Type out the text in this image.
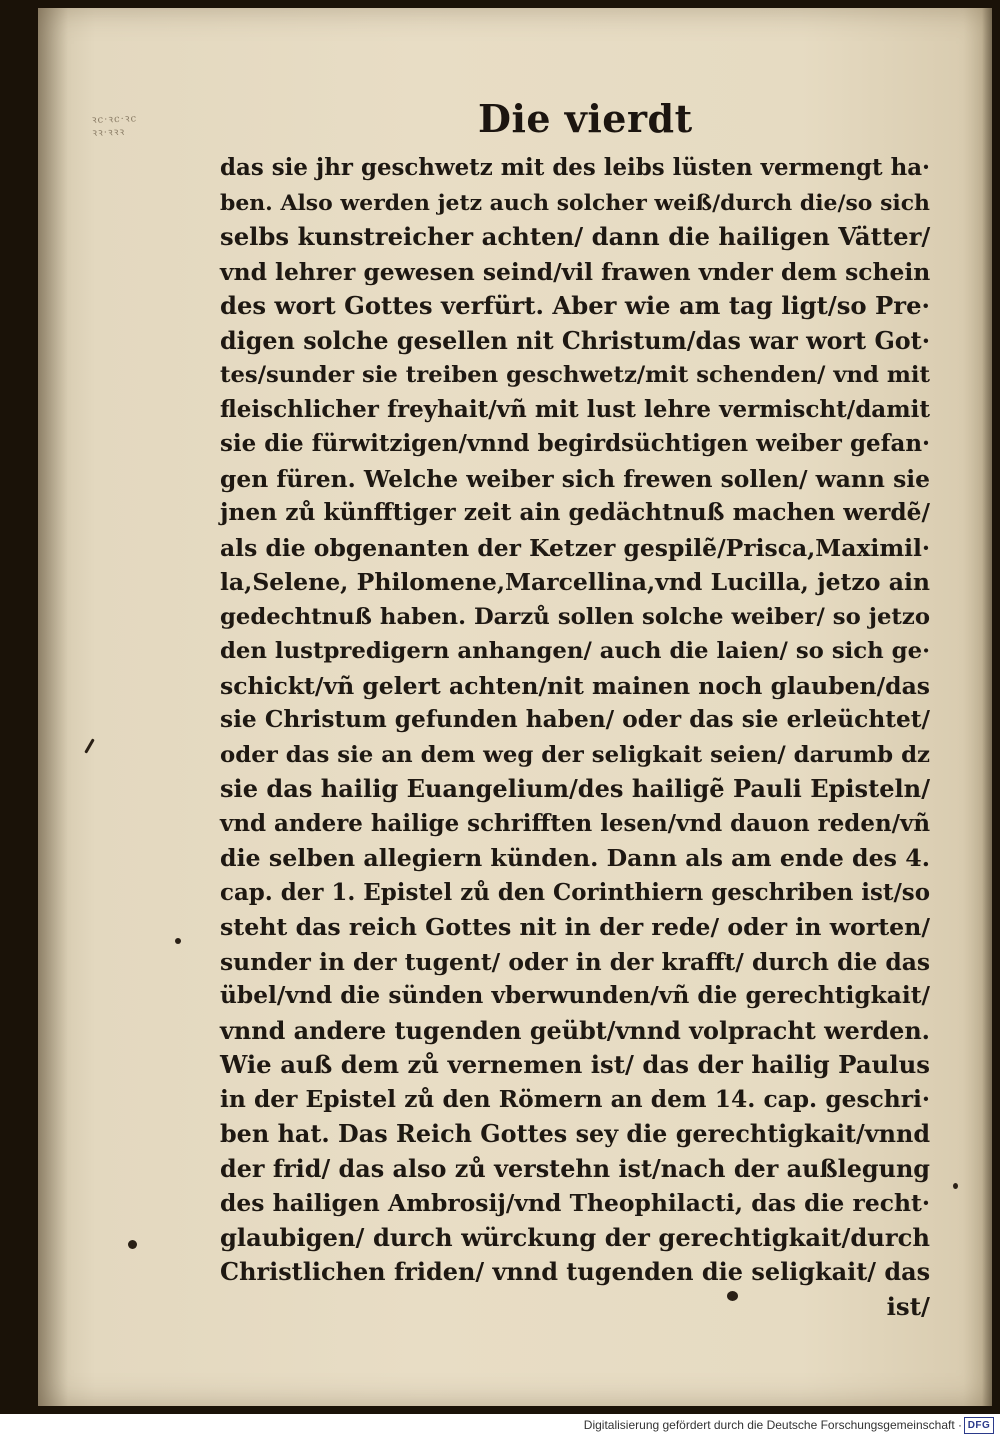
ꝛc·ꝛc·ꝛc
ꝛꝛ·ꝛꝛꝛ	Die vierdt
das sie jhr geschwetz mit des leibs lüsten vermengt ha·
ben. Also werden jetz auch solcher weiß/durch die/so sich
selbs kunstreicher achten/ dann die hailigen Vätter/
vnd lehrer gewesen seind/vil frawen vnder dem schein
des wort Gottes verfürt. Aber wie am tag ligt/so Pre·
digen solche gesellen nit Christum/das war wort Got·
tes/sunder sie treiben geschwetz/mit schenden/ vnd mit
fleischlicher freyhait/vñ mit lust lehre vermischt/damit
sie die fürwitzigen/vnnd begirdsüchtigen weiber gefan·
gen füren. Welche weiber sich frewen sollen/ wann sie
jnen zů künfftiger zeit ain gedächtnuß machen werdẽ/
als die obgenanten der Ketzer gespilẽ/Prisca,Maximil·
la,Selene, Philomene,Marcellina,vnd Lucilla, jetzo ain
gedechtnuß haben. Darzů sollen solche weiber/ so jetzo
den lustpredigern anhangen/ auch die laien/ so sich ge·
schickt/vñ gelert achten/nit mainen noch glauben/das
sie Christum gefunden haben/ oder das sie erleüchtet/
oder das sie an dem weg der seligkait seien/ darumb dz
sie das hailig Euangelium/des hailigẽ Pauli Episteln/
vnd andere hailige schrifften lesen/vnd dauon reden/vñ
die selben allegiern künden. Dann als am ende des 4.
cap. der 1. Epistel zů den Corinthiern geschriben ist/so
steht das reich Gottes nit in der rede/ oder in worten/
sunder in der tugent/ oder in der krafft/ durch die das
übel/vnd die sünden vberwunden/vñ die gerechtigkait/
vnnd andere tugenden geübt/vnnd volpracht werden.
Wie auß dem zů vernemen ist/ das der hailig Paulus
in der Epistel zů den Römern an dem 14. cap. geschri·
ben hat. Das Reich Gottes sey die gerechtigkait/vnnd
der frid/ das also zů verstehn ist/nach der außlegung
des hailigen Ambrosij/vnd Theophilacti, das die recht·
glaubigen/ durch würckung der gerechtigkait/durch
Christlichen friden/ vnnd tugenden die seligkait/ das
ist/
Digitalisierung gefördert durch die Deutsche Forschungsgemeinschaft · DFG
